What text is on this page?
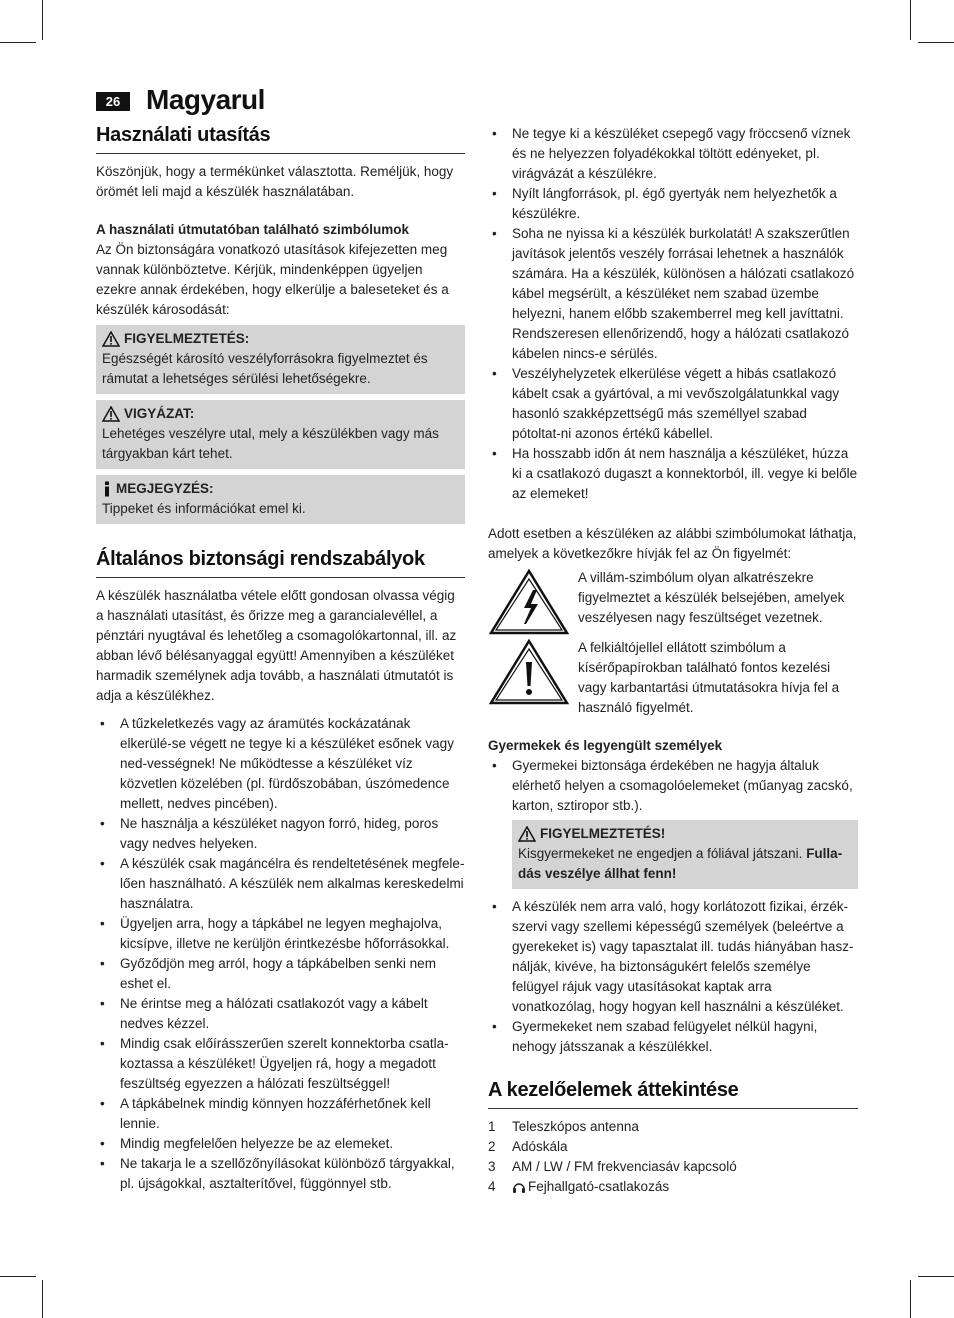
26 Magyarul
Használati utasítás

Köszönjük, hogy a termékünket választotta. Reméljük, hogy örömét leli majd a készülék használatában.

A használati útmutatóban található szimbólumok

Az Ön biztonságára vonatkozó utasítások kifejezetten meg vannak különböztetve. Kérjük, mindenképpen ügyeljen ezekre annak érdekében, hogy elkerülje a baleseteket és a készülék károsodását:

FIGYELMEZTETÉS:
Egészségét károsító veszélyforrásokra figyelmeztet és rámutat a lehetséges sérülési lehetőségekre.
VIGYÁZAT:
Lehetéges veszélyre utal, mely a készülékben vagy más tárgyakban kárt tehet.
MEGJEGYZÉS:
Tippeket és információkat emel ki.
Általános biztonsági rendszabályok

A készülék használatba vétele előtt gondosan olvassa végig a használati utasítást, és őrizze meg a garancialevéllel, a pénztári nyugtával és lehetőleg a csomagolókartonnal, ill. az abban lévő bélésanyaggal együtt! Amennyiben a készüléket harmadik személynek adja tovább, a használati útmutatót is adja a készülékhez.

• A tűzkeletkezés vagy az áramütés kockázatának elkerülé-se végett ne tegye ki a készüléket esőnek vagy ned-vességnek! Ne működtesse a készüléket víz közvetlen közelében (pl. fürdőszobában, úszómedence mellett, nedves pincében).
• Ne használja a készüléket nagyon forró, hideg, poros vagy nedves helyeken.
• A készülék csak magáncélra és rendeltetésének megfele-lően használható. A készülék nem alkalmas kereskedelmi használatra.
• Ügyeljen arra, hogy a tápkábel ne legyen meghajolva, kicsípve, illetve ne kerüljön érintkezésbe hőforrásokkal.
• Győződjön meg arról, hogy a tápkábelben senki nem eshet el.
• Ne érintse meg a hálózati csatlakozót vagy a kábelt nedves kézzel.
• Mindig csak előírásszerűen szerelt konnektorba csatla-koztassa a készüléket! Ügyeljen rá, hogy a megadott feszültség egyezzen a hálózati feszültséggel!
• A tápkábelnek mindig könnyen hozzáférhetőnek kell lennie.
• Mindig megfelelően helyezze be az elemeket.
• Ne takarja le a szellőzőnyílásokat különböző tárgyakkal, pl. újságokkal, asztalterítővel, függönnyel stb.
• Ne tegye ki a készüléket csepegő vagy fröccsenő víznek és ne helyezzen folyadékokkal töltött edényeket, pl. virágvázát a készülékre.
• Nyílt lángforrások, pl. égő gyertyák nem helyezhetők a készülékre.
• Soha ne nyissa ki a készülék burkolatát! A szakszerűtlen javítások jelentős veszély forrásai lehetnek a használók számára. Ha a készülék, különösen a hálózati csatlakozó kábel megsérült, a készüléket nem szabad üzembe helyezni, hanem előbb szakemberrel meg kell javíttatni. Rendszeresen ellenőrizendő, hogy a hálózati csatlakozó kábelen nincs-e sérülés.
• Veszélyhelyzetek elkerülése végett a hibás csatlakozó kábelt csak a gyártóval, a mi vevőszolgálatunkkal vagy hasonló szakképzettségű más személlyel szabad pótoltat-ni azonos értékű kábellel.
• Ha hosszabb időn át nem használja a készüléket, húzza ki a csatlakozó dugaszt a konnektorból, ill. vegye ki belőle az elemeket!

Adott esetben a készüléken az alábbi szimbólumokat láthatja, amelyek a következőkre hívják fel az Ön figyelmét:

A villám-szimbólum olyan alkatrészekre figyelmeztet a készülék belsejében, amelyek veszélyesen nagy feszültséget vezetnek.

A felkiáltójellel ellátott szimbólum a kísérőpapírokban található fontos kezelési vagy karbantartási útmutatásokra hívja fel a használó figyelmét.

Gyermekek és legyengült személyek

• Gyermekei biztonsága érdekében ne hagyja általuk elérhető helyen a csomagolóelemeket (műanyag zacskó, karton, sztiropor stb.).
FIGYELMEZTETÉS!
Kisgyermekeket ne engedjen a fóliával játszani. Fulla-dás veszélye állhat fenn!
• A készülék nem arra való, hogy korlátozott fizikai, érzék-szervi vagy szellemi képességű személyek (beleértve a gyerekeket is) vagy tapasztalat ill. tudás hiányában hasz-nálják, kivéve, ha biztonságukért felelős személye felügyel rájuk vagy utasításokat kaptak arra vonatkozólag, hogy hogyan kell használni a készüléket.
• Gyermekeket nem szabad felügyelet nélkül hagyni, nehogy játsszanak a készülékkel.
A kezelőelemek áttekintése
1	Teleszkópos antenna
2	Adóskála
3	AM / LW / FM frekvenciasáv kapcsoló
4	Fejhallgató-csatlakozás
